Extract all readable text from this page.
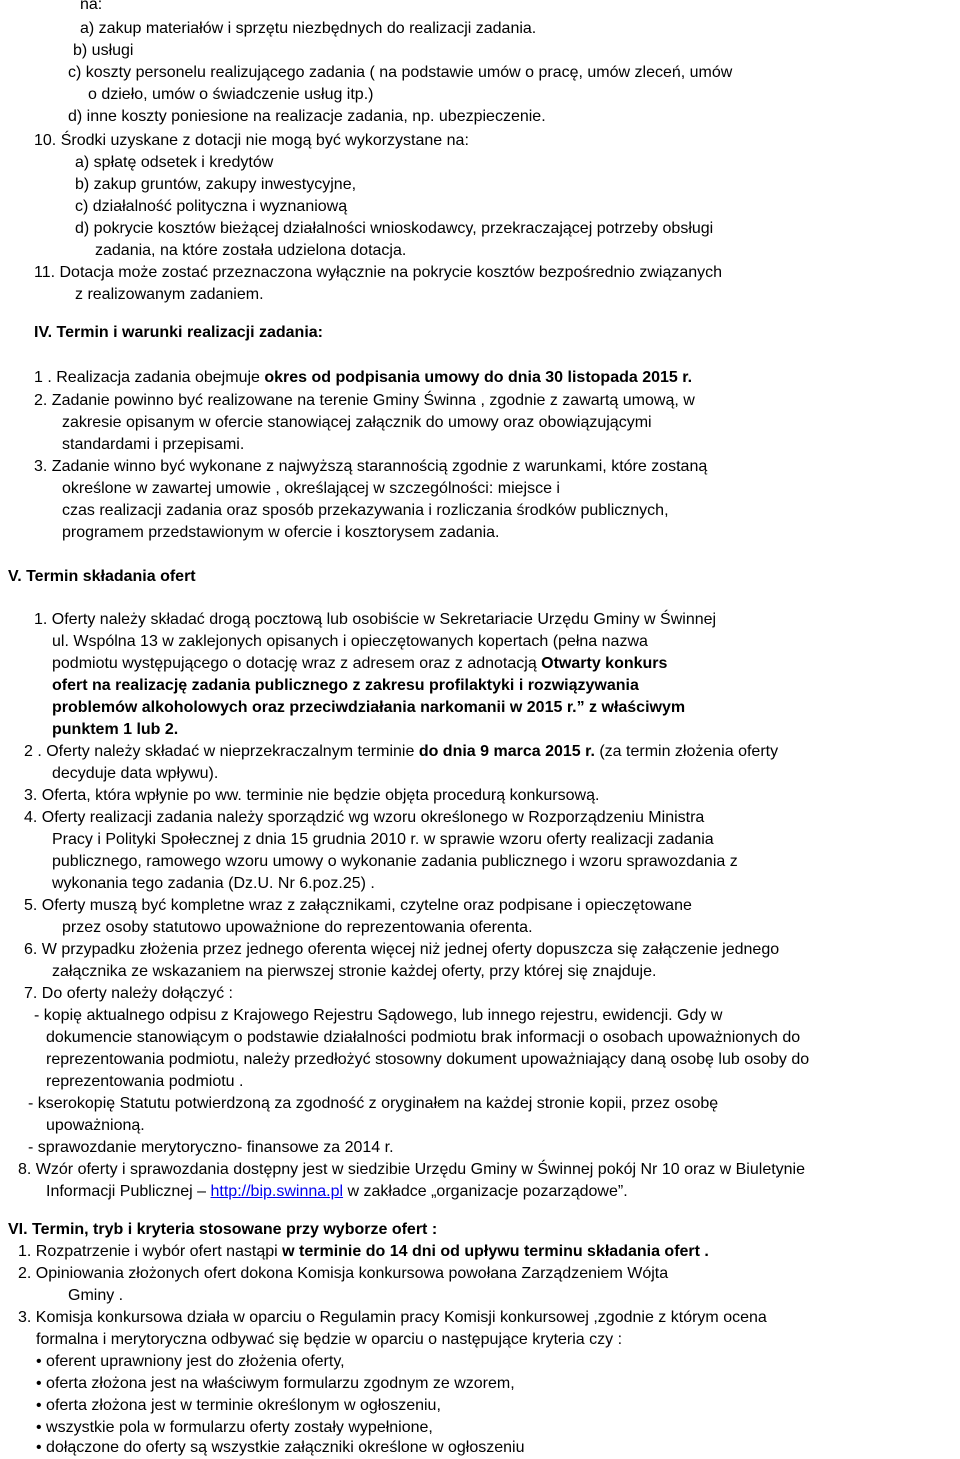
na:
a) zakup materiałów i sprzętu niezbędnych do realizacji zadania.
b) usługi
c) koszty personelu realizującego zadania ( na podstawie umów o pracę, umów zleceń, umów
o dzieło, umów o świadczenie usług itp.)
d) inne koszty poniesione na realizacje zadania, np. ubezpieczenie.
10. Środki uzyskane z dotacji nie mogą być wykorzystane na:
a) spłatę odsetek i kredytów
b) zakup gruntów, zakupy inwestycyjne,
c) działalność polityczna i wyznaniową
d) pokrycie kosztów bieżącej działalności wnioskodawcy, przekraczającej potrzeby obsługi
zadania, na które została udzielona dotacja.
11. Dotacja może zostać przeznaczona wyłącznie na pokrycie kosztów bezpośrednio związanych
z realizowanym zadaniem.
IV. Termin i warunki realizacji zadania:
1 . Realizacja zadania obejmuje okres od podpisania umowy do dnia 30 listopada 2015 r.
2. Zadanie powinno być realizowane na terenie Gminy Świnna , zgodnie z zawartą umową, w
zakresie opisanym w ofercie stanowiącej załącznik do umowy oraz obowiązującymi
standardami i przepisami.
3. Zadanie winno być wykonane z najwyższą starannością zgodnie z warunkami, które zostaną
określone w zawartej umowie , określającej w szczególności: miejsce i
czas realizacji zadania oraz sposób przekazywania i rozliczania środków publicznych,
programem przedstawionym w ofercie i kosztorysem zadania.
V. Termin składania ofert
1. Oferty należy składać drogą pocztową lub osobiście w Sekretariacie Urzędu Gminy w Świnnej
ul. Wspólna 13 w zaklejonych opisanych i opieczętowanych kopertach (pełna nazwa
podmiotu występującego o dotację wraz z adresem oraz z adnotacją Otwarty konkurs
ofert na realizację zadania publicznego z zakresu profilaktyki i rozwiązywania
problemów alkoholowych oraz przeciwdziałania narkomanii w 2015 r.” z właściwym
punktem 1 lub 2.
2 . Oferty należy składać w nieprzekraczalnym terminie do dnia 9 marca 2015 r. (za termin złożenia oferty
decyduje data wpływu).
3. Oferta, która wpłynie po ww. terminie nie będzie objęta procedurą konkursową.
4. Oferty realizacji zadania należy sporządzić wg wzoru określonego w Rozporządzeniu Ministra
Pracy i Polityki Społecznej z dnia 15 grudnia 2010 r. w sprawie wzoru oferty realizacji zadania
publicznego, ramowego wzoru umowy o wykonanie zadania publicznego i wzoru sprawozdania z
wykonania tego zadania (Dz.U. Nr 6.poz.25) .
5. Oferty muszą być kompletne wraz z załącznikami, czytelne oraz podpisane i opieczętowane
przez osoby statutowo upoważnione do reprezentowania oferenta.
6. W przypadku złożenia przez jednego oferenta więcej niż jednej oferty dopuszcza się załączenie jednego
załącznika ze wskazaniem na pierwszej stronie każdej oferty, przy której się znajduje.
7. Do oferty należy dołączyć :
- kopię aktualnego odpisu z Krajowego Rejestru Sądowego, lub innego rejestru, ewidencji. Gdy w
dokumencie stanowiącym o podstawie działalności podmiotu brak informacji o osobach upoważnionych do
reprezentowania podmiotu, należy przedłożyć stosowny dokument upoważniający daną osobę lub osoby do
reprezentowania podmiotu .
- kserokopię Statutu potwierdzoną za zgodność z oryginałem na każdej stronie kopii, przez osobę
upoważnioną.
- sprawozdanie merytoryczno- finansowe za 2014 r.
8. Wzór oferty i sprawozdania dostępny jest w siedzibie Urzędu Gminy w Świnnej pokój Nr 10 oraz w Biuletynie
Informacji Publicznej – http://bip.swinna.pl w zakładce „organizacje pozarządowe”.
VI. Termin, tryb i kryteria stosowane przy wyborze ofert :
1. Rozpatrzenie i wybór ofert nastąpi w terminie do 14 dni od upływu terminu składania ofert .
2. Opiniowania złożonych ofert dokona Komisja konkursowa powołana Zarządzeniem Wójta
Gminy .
3. Komisja konkursowa działa w oparciu o Regulamin pracy Komisji konkursowej ,zgodnie z którym ocena
formalna i merytoryczna odbywać się będzie w oparciu o następujące kryteria czy :
• oferent uprawniony jest do złożenia oferty,
• oferta złożona jest na właściwym formularzu zgodnym ze wzorem,
• oferta złożona jest w terminie określonym w ogłoszeniu,
• wszystkie pola w formularzu oferty zostały wypełnione,
• dołączone do oferty są wszystkie załączniki określone w ogłoszeniu
